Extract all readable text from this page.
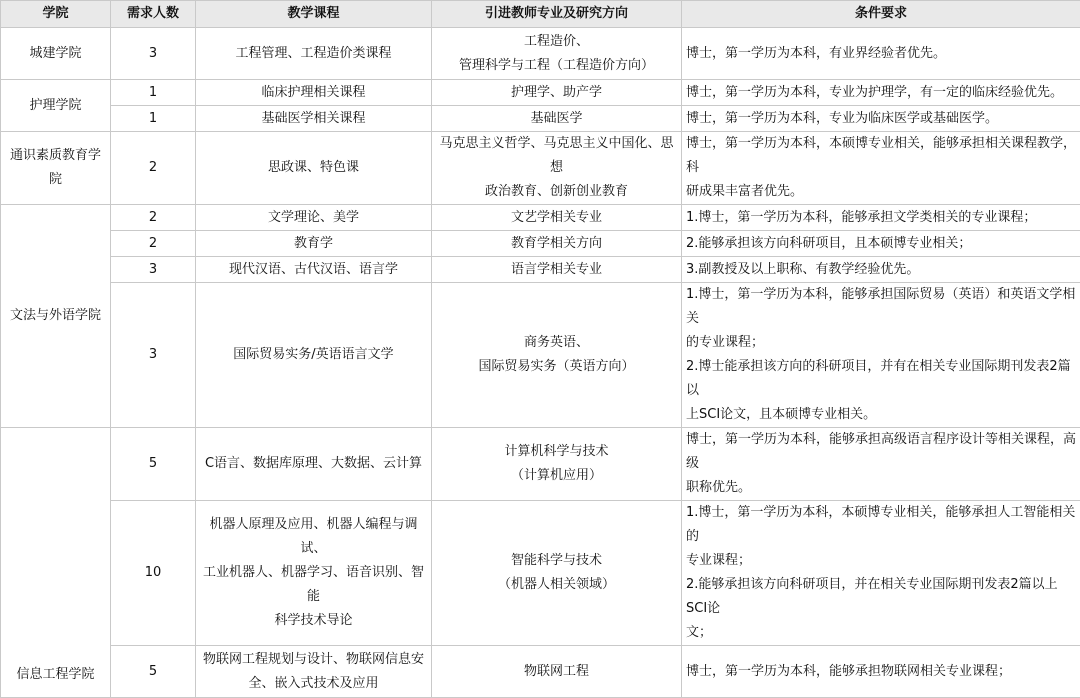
学院	需求人数	教学课程	引进教师专业及研究方向	条件要求
城建学院	3	工程管理、工程造价类课程	工程造价、
管理科学与工程（工程造价方向）	博士，第一学历为本科，有业界经验者优先。

护理学院	1	临床护理相关课程	护理学、助产学	博士，第一学历为本科，专业为护理学，有一定的临床经验优先。
	1	基础医学相关课程	基础医学	博士，第一学历为本科，专业为临床医学或基础医学。
通识素质教育学院	2	思政课、特色课	马克思主义哲学、马克思主义中国化、思想
政治教育、创新创业教育	博士，第一学历为本科，本硕博专业相关，能够承担相关课程教学，科
研成果丰富者优先。

文法与外语学院	2	文学理论、美学	文艺学相关专业	1.博士，第一学历为本科，能够承担文学类相关的专业课程；
	2	教育学	教育学相关方向	2.能够承担该方向科研项目，且本硕博专业相关；
	3	现代汉语、古代汉语、语言学	语言学相关专业	3.副教授及以上职称、有教学经验优先。
	3	国际贸易实务/英语语言文学	商务英语、
国际贸易实务（英语方向）	1.博士，第一学历为本科，能够承担国际贸易（英语）和英语文学相关
的专业课程；
2.博士能承担该方向的科研项目，并有在相关专业国际期刊发表2篇以
上SCI论文，且本硕博专业相关。

信息工程学院	5	C语言、数据库原理、大数据、云计算	计算机科学与技术
（计算机应用）	博士，第一学历为本科，能够承担高级语言程序设计等相关课程，高级
职称优先。

	10	机器人原理及应用、机器人编程与调试、
工业机器人、机器学习、语音识别、智能
科学技术导论	智能科学与技术
（机器人相关领域）	1.博士，第一学历为本科，本硕博专业相关，能够承担人工智能相关的
专业课程；
2.能够承担该方向科研项目，并在相关专业国际期刊发表2篇以上SCI论
文；

	5	物联网工程规划与设计、物联网信息安
全、嵌入式技术及应用	物联网工程	博士，第一学历为本科，能够承担物联网相关专业课程；
